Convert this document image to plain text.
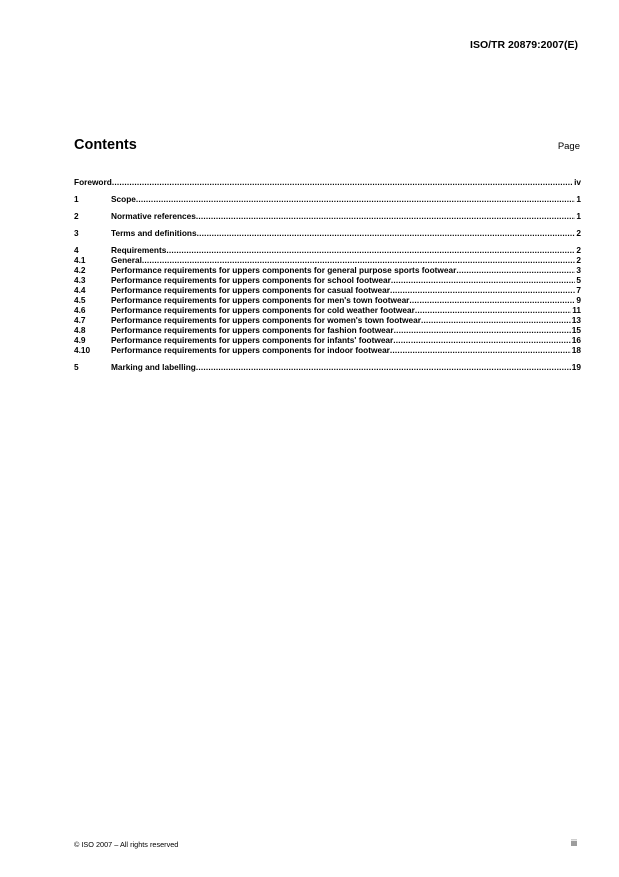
ISO/TR 20879:2007(E)
Contents	Page
Foreword .....	iv
1	Scope .....	1
2	Normative references .....	1
3	Terms and definitions .....	2
4	Requirements .....	2
4.1	General .....	2
4.2	Performance requirements for uppers components for general purpose sports footwear .....	3
4.3	Performance requirements for uppers components for school footwear .....	5
4.4	Performance requirements for uppers components for casual footwear .....	7
4.5	Performance requirements for uppers components for men's town footwear .....	9
4.6	Performance requirements for uppers components for cold weather footwear .....	11
4.7	Performance requirements for uppers components for women's town footwear .....	13
4.8	Performance requirements for uppers components for fashion footwear .....	15
4.9	Performance requirements for uppers components for infants' footwear .....	16
4.10	Performance requirements for uppers components for indoor footwear .....	18
5	Marking and labelling .....	19
© ISO 2007 – All rights reserved	iii
